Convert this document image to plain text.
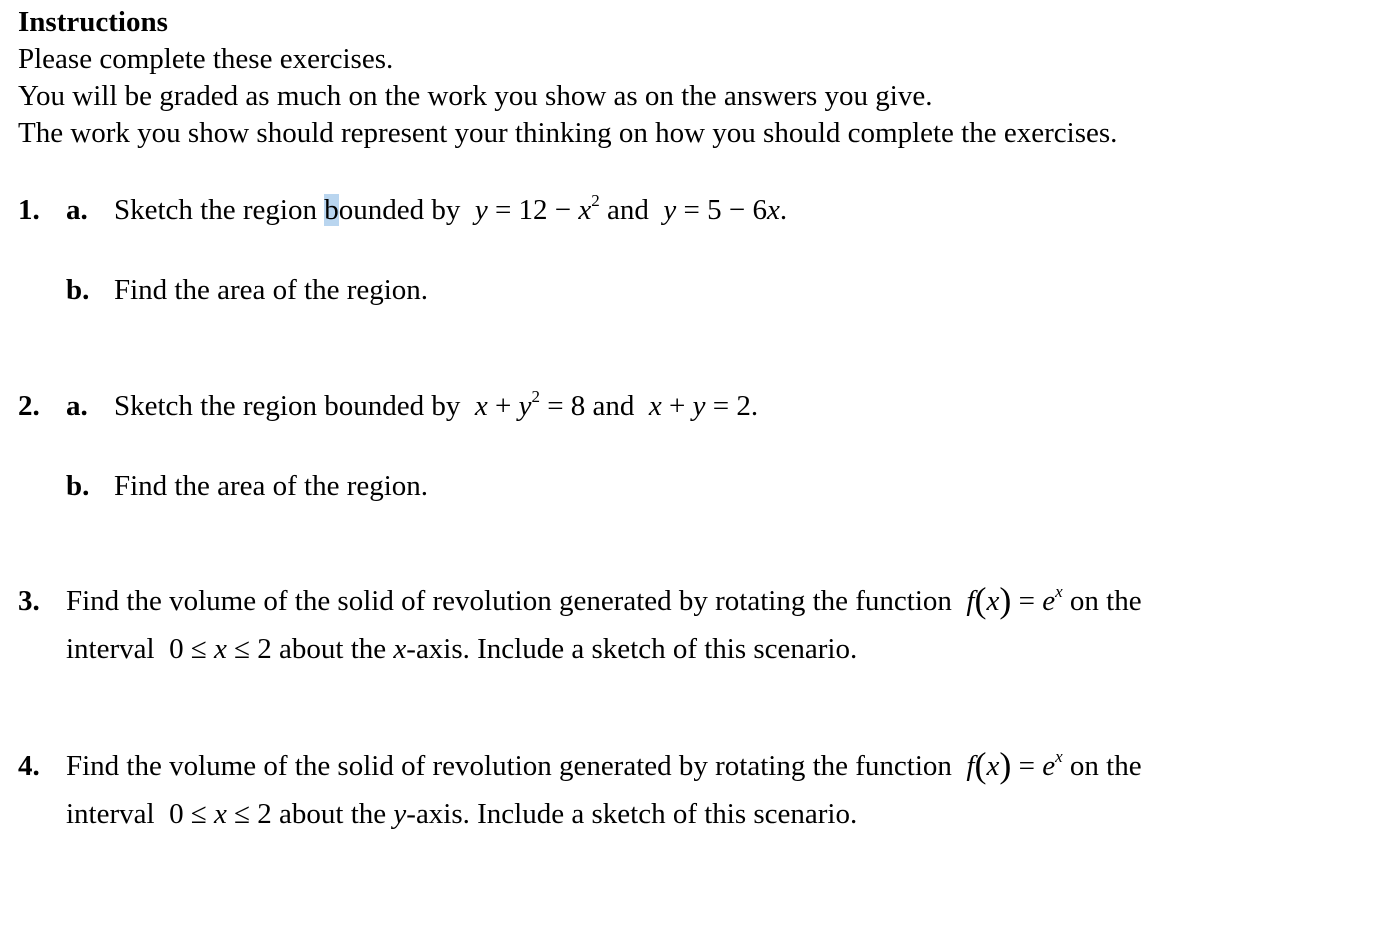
Instructions
Please complete these exercises.
You will be graded as much on the work you show as on the answers you give.
The work you show should represent your thinking on how you should complete the exercises.
1. a. Sketch the region bounded by  $y = 12 - x^2$ and  y = 5 − 6x.
b. Find the area of the region.
2. a. Sketch the region bounded by  $x + y^2 = 8$ and  x + y = 2.
b. Find the area of the region.
3. Find the volume of the solid of revolution generated by rotating the function  $f(x) = e^x$ on the
interval 0 ≤ x ≤ 2 about the x-axis. Include a sketch of this scenario.
4. Find the volume of the solid of revolution generated by rotating the function  $f(x) = e^x$ on the
interval 0 ≤ x ≤ 2 about the y-axis. Include a sketch of this scenario.
